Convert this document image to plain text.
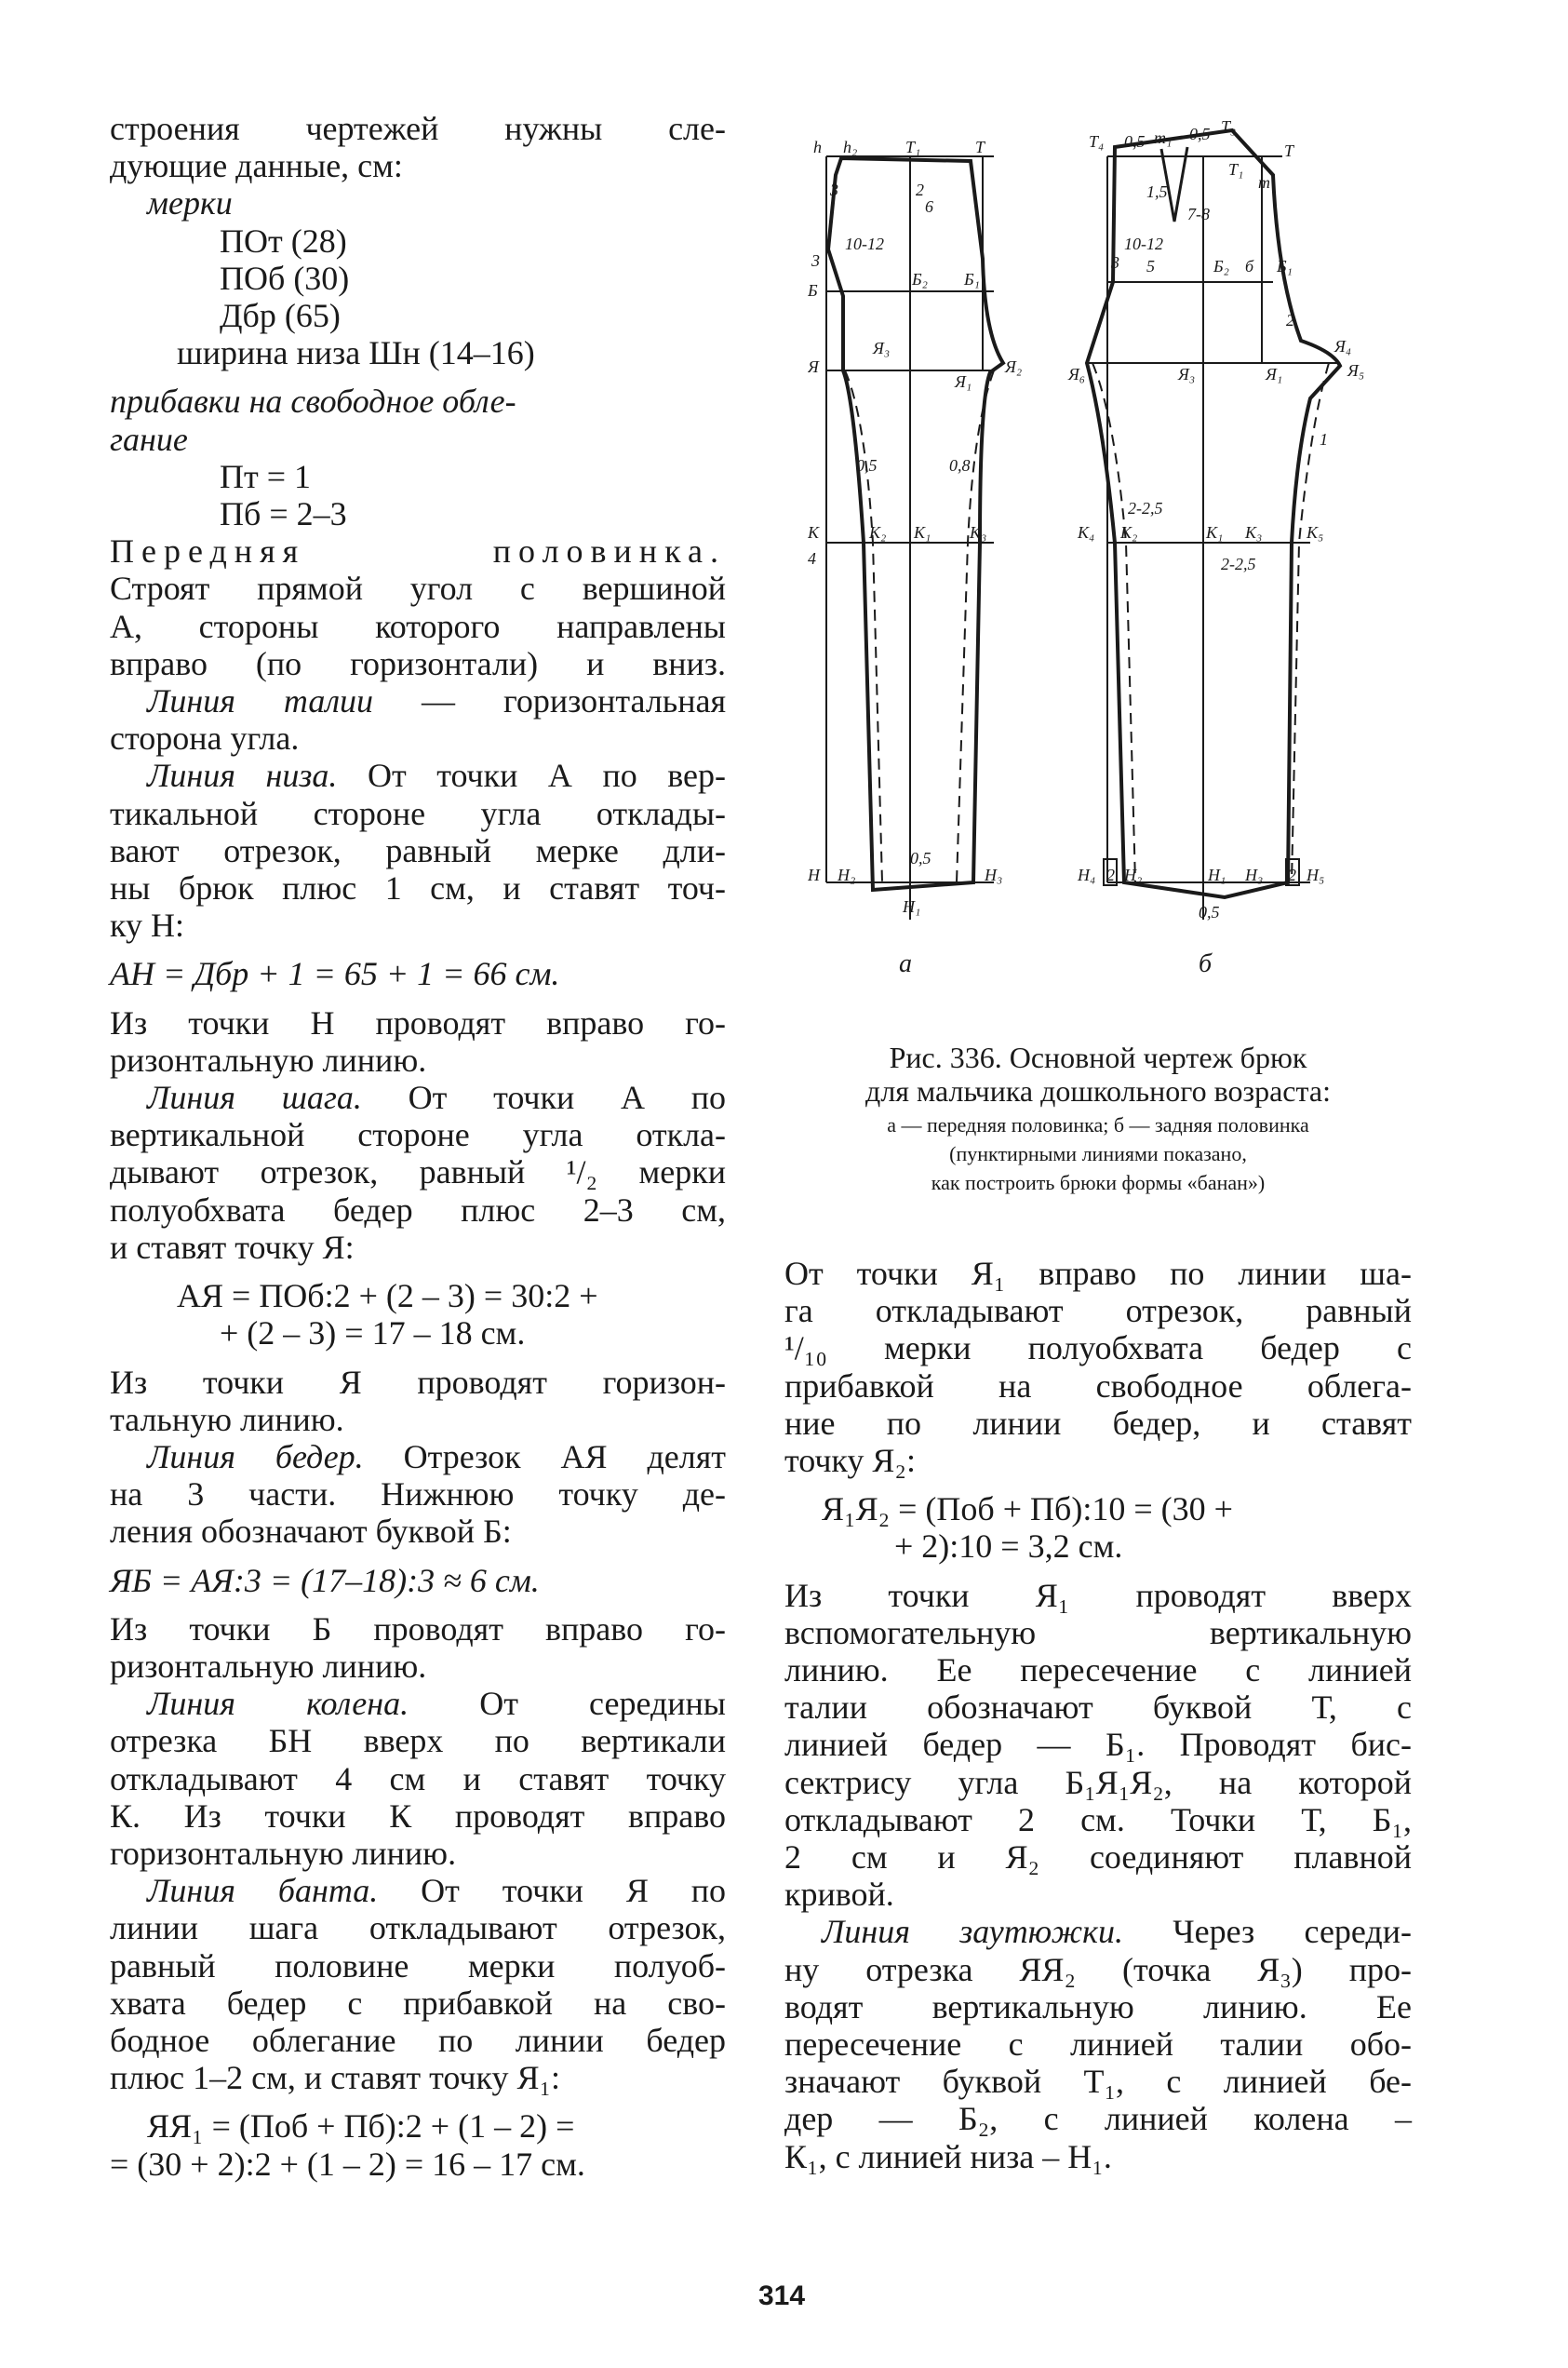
строения чертежей нужны сле-
дующие данные, см:
мерки
ПОт (28)
ПОб (30)
Дбр (65)
ширина низа Шн (14–16)
прибавки на свободное обле-
гание
Пт = 1
Пб = 2–3
Передняя половинка.
Строят прямой угол с вершиной
А, стороны которого направлены
вправо (по горизонтали) и вниз.
Линия талии — горизонтальная
сторона угла.
Линия низа. От точки А по вер-
тикальной стороне угла отклады-
вают отрезок, равный мерке дли-
ны брюк плюс 1 см, и ставят точ-
ку Н:
АН = Дбр + 1 = 65 + 1 = 66 см.
Из точки Н проводят вправо го-
ризонтальную линию.
Линия шага. От точки А по
вертикальной стороне угла откла-
дывают отрезок, равный ¹/₂ мерки
полуобхвата бедер плюс 2–3 см,
и ставят точку Я:
АЯ = ПОб:2 + (2 – 3) = 30:2 +
+ (2 – 3) = 17 – 18 см.
Из точки Я проводят горизон-
тальную линию.
Линия бедер. Отрезок АЯ делят
на 3 части. Нижнюю точку де-
ления обозначают буквой Б:
ЯБ = АЯ:3 = (17–18):3 ≈ 6 см.
Из точки Б проводят вправо го-
ризонтальную линию.
Линия колена. От середины
отрезка БН вверх по вертикали
откладывают 4 см и ставят точку
К. Из точки К проводят вправо
горизонтальную линию.
Линия банта. От точки Я по
линии шага откладывают отрезок,
равный половине мерки полуоб-
хвата бедер с прибавкой на сво-
бодное облегание по линии бедер
плюс 1–2 см, и ставят точку Я₁:
ЯЯ₁ = (Поб + Пб):2 + (1 – 2) =
= (30 + 2):2 + (1 – 2) = 16 – 17 см.
h h₂	T₁	T
3	2
6
10-12
3
Б
Б₂ Б₁
Я
Я₃
Я₁
Я₂
0,5	0,8
К
4
К₂ К₁ К₃
Н Н₂
0,5
Н₁
Н₃
Т₄ 0,5 m₁ 0,5 Т₃
Т₁
T
m
1,5
7-8
10-12
3 5	Б₂ б Б₁
2
Я₆	Я₃	Я₁
Я₄
Я₅
1
2-2,5
К₄ К₂	К₁ К₃	К₅
2-2,5
Н₄ 2 Н₂	Н₁ Н₃ 2 Н₅
0,5
а	б
Рис. 336. Основной чертеж брюк
для мальчика дошкольного возраста:
а — передняя половинка; б — задняя половинка
(пунктирными линиями показано,
как построить брюки формы «банан»)
От точки Я₁ вправо по линии ша-
га откладывают отрезок, равный
¹/₁₀ мерки полуобхвата бедер с
прибавкой на свободное облега-
ние по линии бедер, и ставят
точку Я₂:
Я₁Я₂ = (Поб + Пб):10 = (30 +
+ 2):10 = 3,2 см.
Из точки Я₁ проводят вверх
вспомогательную вертикальную
линию. Ее пересечение с линией
талии обозначают буквой Т, с
линией бедер — Б₁. Проводят бис-
сектрису угла Б₁Я₁Я₂, на которой
откладывают 2 см. Точки Т, Б₁,
2 см и Я₂ соединяют плавной
кривой.
Линия заутюжки. Через середи-
ну отрезка ЯЯ₂ (точка Я₃) про-
водят вертикальную линию. Ее
пересечение с линией талии обо-
значают буквой Т₁, с линией бе-
дер — Б₂, с линией колена –
К₁, с линией низа – Н₁.
314
